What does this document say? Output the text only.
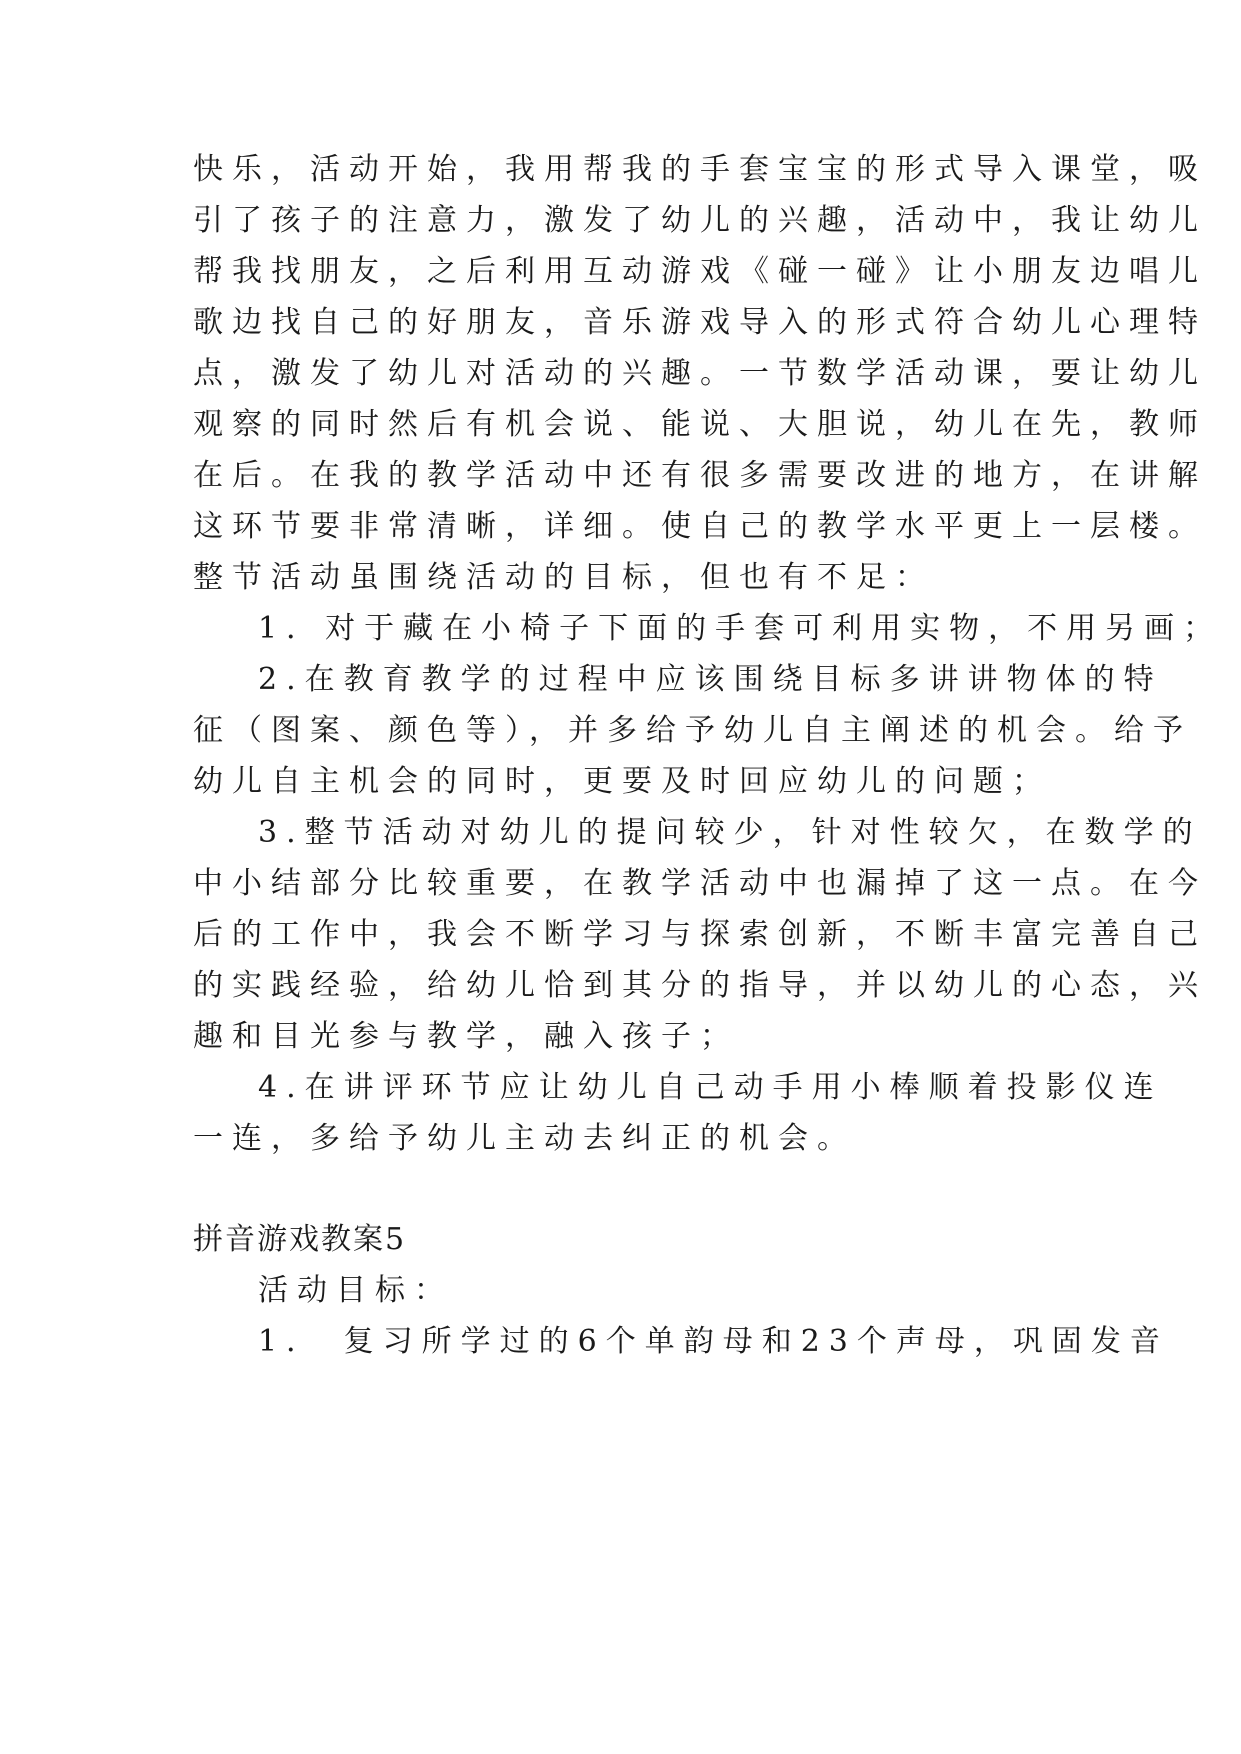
快乐，活动开始，我用帮我的手套宝宝的形式导入课堂，吸
引了孩子的注意力，激发了幼儿的兴趣，活动中，我让幼儿
帮我找朋友，之后利用互动游戏《碰一碰》让小朋友边唱儿
歌边找自己的好朋友，音乐游戏导入的形式符合幼儿心理特
点，激发了幼儿对活动的兴趣。一节数学活动课，要让幼儿
观察的同时然后有机会说、能说、大胆说，幼儿在先，教师
在后。在我的教学活动中还有很多需要改进的地方，在讲解
这环节要非常清晰，详细。使自己的教学水平更上一层楼。
整节活动虽围绕活动的目标，但也有不足：
1．对于藏在小椅子下面的手套可利用实物，不用另画；
2.在教育教学的过程中应该围绕目标多讲讲物体的特
征（图案、颜色等），并多给予幼儿自主阐述的机会。给予
幼儿自主机会的同时，更要及时回应幼儿的问题；
3.整节活动对幼儿的提问较少，针对性较欠，在数学的
中小结部分比较重要，在教学活动中也漏掉了这一点。在今
后的工作中，我会不断学习与探索创新，不断丰富完善自己
的实践经验，给幼儿恰到其分的指导，并以幼儿的心态，兴
趣和目光参与教学，融入孩子；
4.在讲评环节应让幼儿自己动手用小棒顺着投影仪连
一连，多给予幼儿主动去纠正的机会。
拼音游戏教案5
活动目标：
1． 复习所学过的6个单韵母和23个声母，巩固发音
